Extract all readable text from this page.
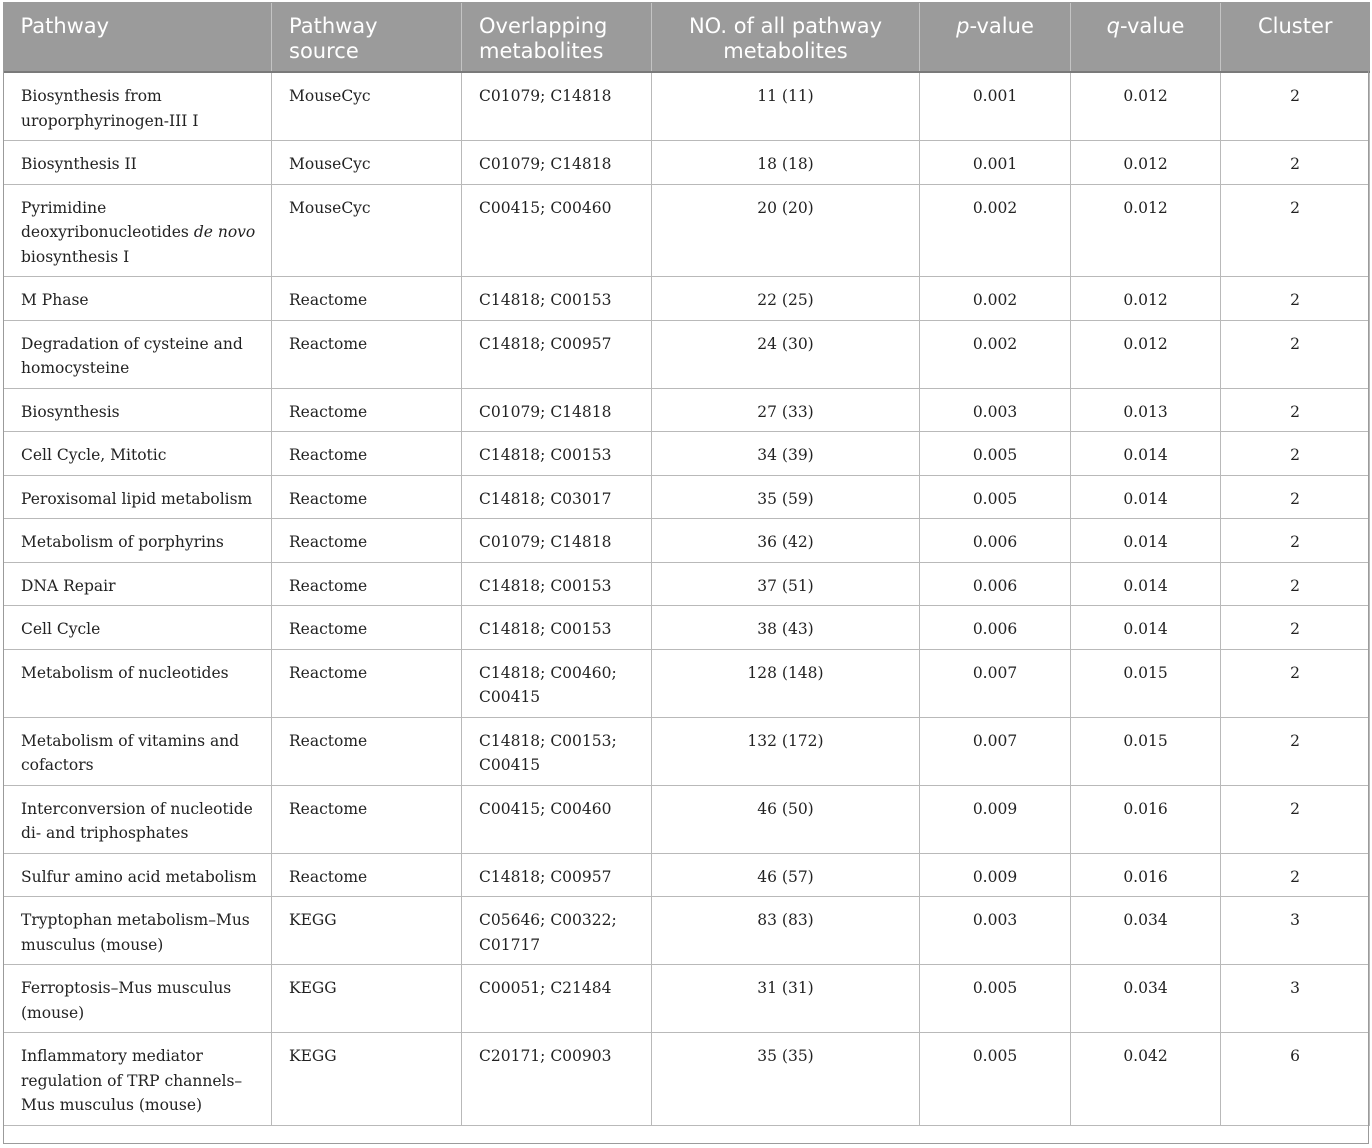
Pathway	Pathway source	Overlapping metabolites	NO. of all pathway metabolites	p-value	q-value	Cluster
Biosynthesis from uroporphyrinogen-III I	MouseCyc	C01079; C14818	11 (11)	0.001	0.012	2
Biosynthesis II	MouseCyc	C01079; C14818	18 (18)	0.001	0.012	2
Pyrimidine deoxyribonucleotides de novo biosynthesis I	MouseCyc	C00415; C00460	20 (20)	0.002	0.012	2
M Phase	Reactome	C14818; C00153	22 (25)	0.002	0.012	2
Degradation of cysteine and homocysteine	Reactome	C14818; C00957	24 (30)	0.002	0.012	2
Biosynthesis	Reactome	C01079; C14818	27 (33)	0.003	0.013	2
Cell Cycle, Mitotic	Reactome	C14818; C00153	34 (39)	0.005	0.014	2
Peroxisomal lipid metabolism	Reactome	C14818; C03017	35 (59)	0.005	0.014	2
Metabolism of porphyrins	Reactome	C01079; C14818	36 (42)	0.006	0.014	2
DNA Repair	Reactome	C14818; C00153	37 (51)	0.006	0.014	2
Cell Cycle	Reactome	C14818; C00153	38 (43)	0.006	0.014	2
Metabolism of nucleotides	Reactome	C14818; C00460; C00415	128 (148)	0.007	0.015	2
Metabolism of vitamins and cofactors	Reactome	C14818; C00153; C00415	132 (172)	0.007	0.015	2
Interconversion of nucleotide di- and triphosphates	Reactome	C00415; C00460	46 (50)	0.009	0.016	2
Sulfur amino acid metabolism	Reactome	C14818; C00957	46 (57)	0.009	0.016	2
Tryptophan metabolism–Mus musculus (mouse)	KEGG	C05646; C00322; C01717	83 (83)	0.003	0.034	3
Ferroptosis–Mus musculus (mouse)	KEGG	C00051; C21484	31 (31)	0.005	0.034	3
Inflammatory mediator regulation of TRP channels–Mus musculus (mouse)	KEGG	C20171; C00903	35 (35)	0.005	0.042	6
